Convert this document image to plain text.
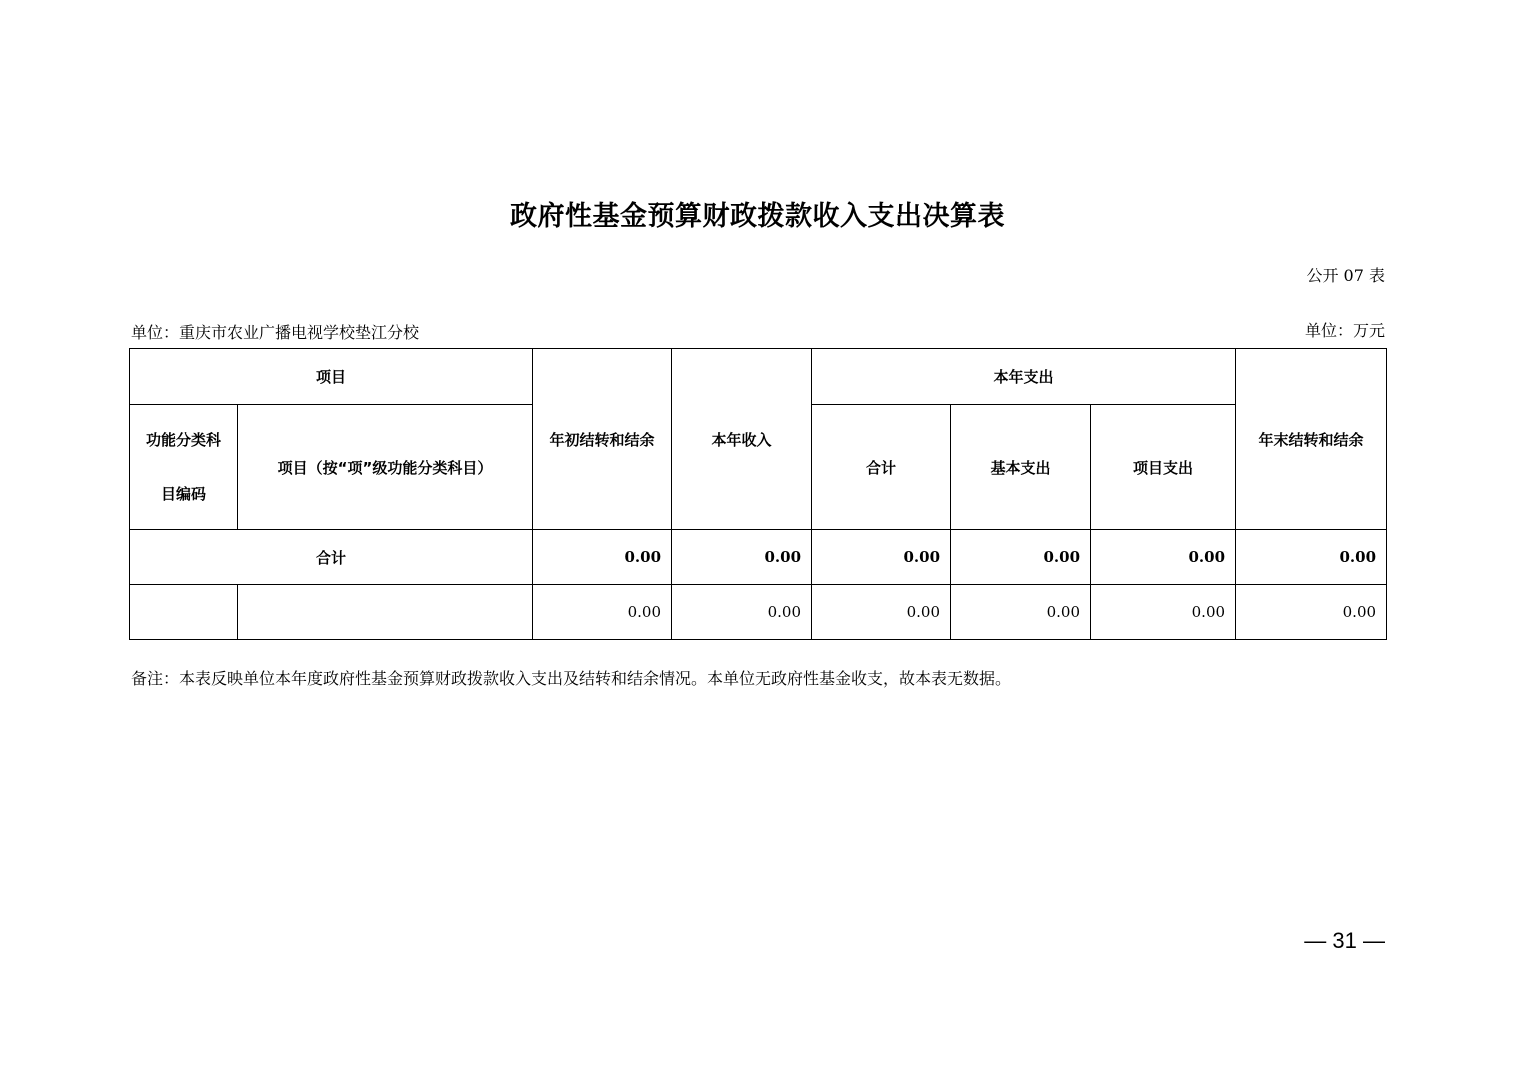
政府性基金预算财政拨款收入支出决算表
公开 07 表
单位：重庆市农业广播电视学校垫江分校	单位：万元
项目		年初结转和结余	本年收入	本年支出			年末结转和结余
功能分类科
目编码	项目（按“项”级功能分类科目）			合计	基本支出	项目支出	
合计		0.00	0.00	0.00	0.00	0.00	0.00
		0.00	0.00	0.00	0.00	0.00	0.00
备注：本表反映单位本年度政府性基金预算财政拨款收入支出及结转和结余情况。本单位无政府性基金收支，故本表无数据。
— 31 —
